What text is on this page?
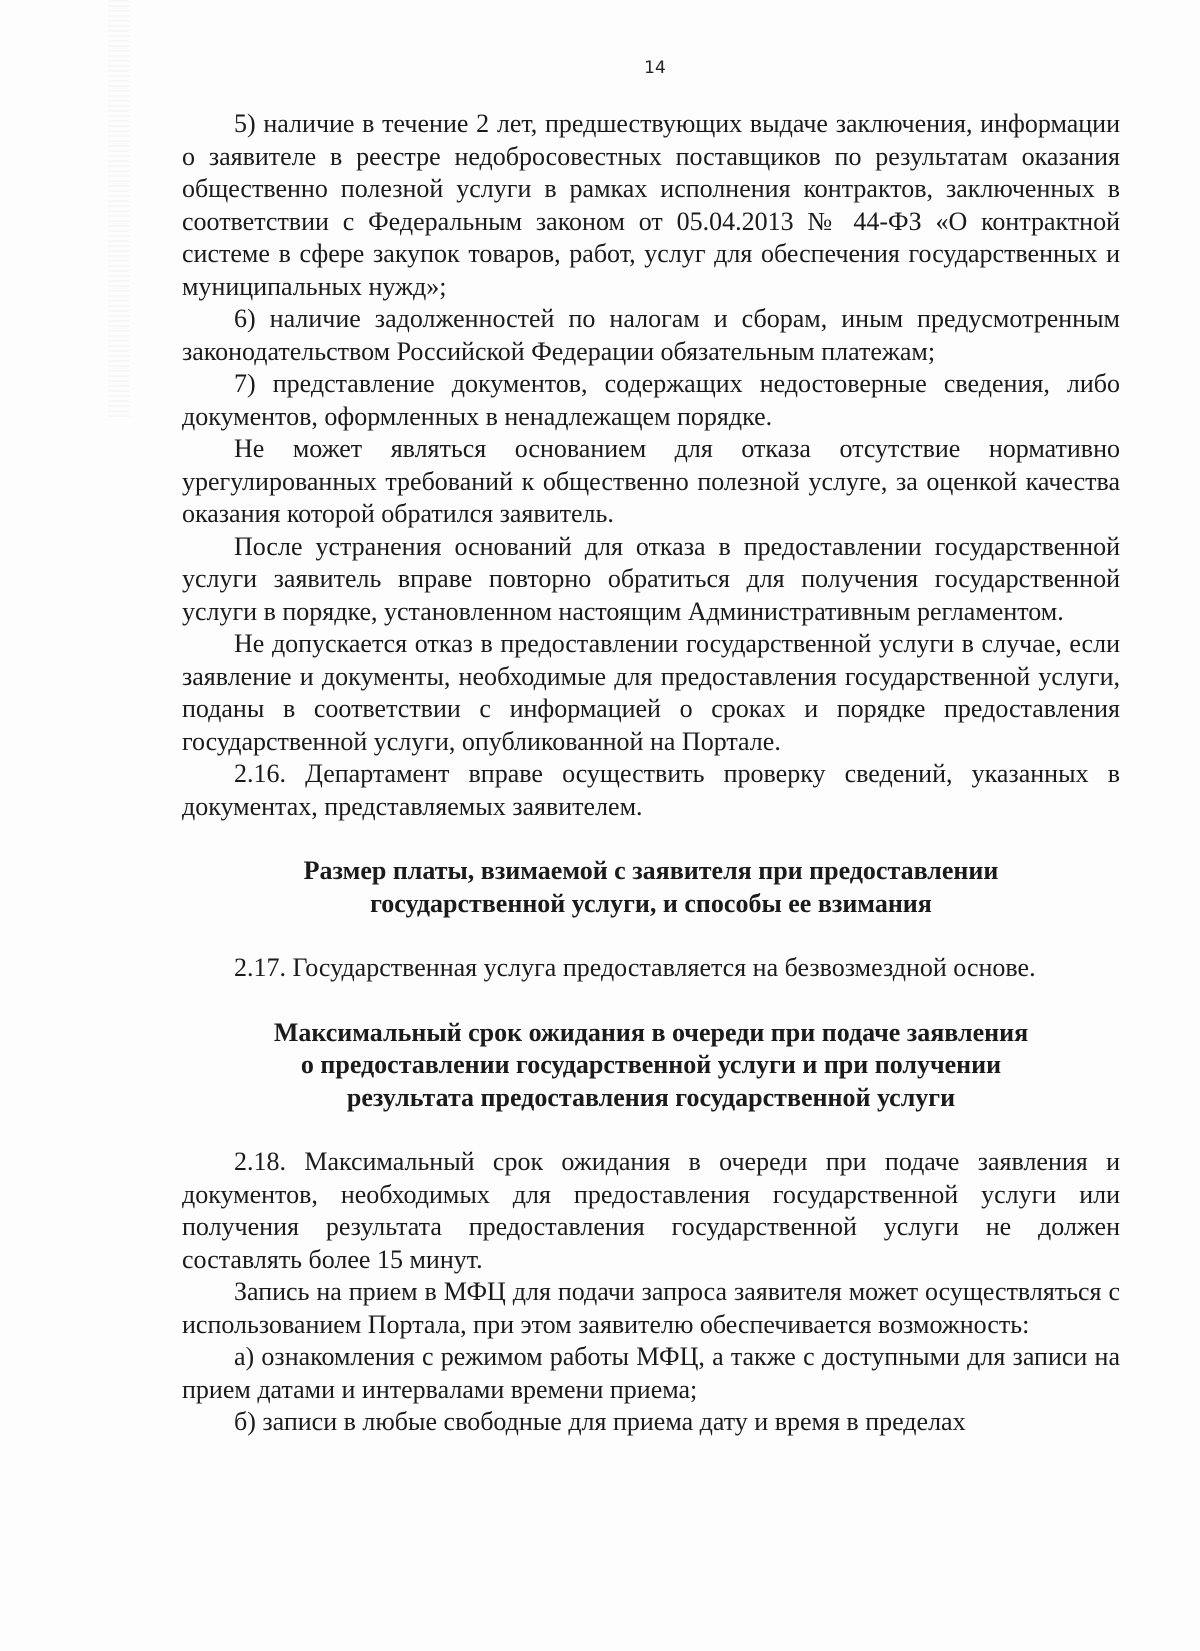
14

5) наличие в течение 2 лет, предшествующих выдаче заключения, информации о заявителе в реестре недобросовестных поставщиков по результатам оказания общественно полезной услуги в рамках исполнения контрактов, заключенных в соответствии с Федеральным законом от 05.04.2013 № 44-ФЗ «О контрактной системе в сфере закупок товаров, работ, услуг для обеспечения государственных и муниципальных нужд»;

6) наличие задолженностей по налогам и сборам, иным предусмотренным законодательством Российской Федерации обязательным платежам;

7) представление документов, содержащих недостоверные сведения, либо документов, оформленных в ненадлежащем порядке.

Не может являться основанием для отказа отсутствие нормативно урегулированных требований к общественно полезной услуге, за оценкой качества оказания которой обратился заявитель.

После устранения оснований для отказа в предоставлении государственной услуги заявитель вправе повторно обратиться для получения государственной услуги в порядке, установленном настоящим Административным регламентом.

Не допускается отказ в предоставлении государственной услуги в случае, если заявление и документы, необходимые для предоставления государственной услуги, поданы в соответствии с информацией о сроках и порядке предоставления государственной услуги, опубликованной на Портале.

2.16. Департамент вправе осуществить проверку сведений, указанных в документах, представляемых заявителем.

Размер платы, взимаемой с заявителя при предоставлении
государственной услуги, и способы ее взимания

2.17. Государственная услуга предоставляется на безвозмездной основе.

Максимальный срок ожидания в очереди при подаче заявления
о предоставлении государственной услуги и при получении
результата предоставления государственной услуги

2.18. Максимальный срок ожидания в очереди при подаче заявления и документов, необходимых для предоставления государственной услуги или получения результата предоставления государственной услуги не должен составлять более 15 минут.

Запись на прием в МФЦ для подачи запроса заявителя может осуществляться с использованием Портала, при этом заявителю обеспечивается возможность:

а) ознакомления с режимом работы МФЦ, а также с доступными для записи на прием датами и интервалами времени приема;

б) записи в любые свободные для приема дату и время в пределах
